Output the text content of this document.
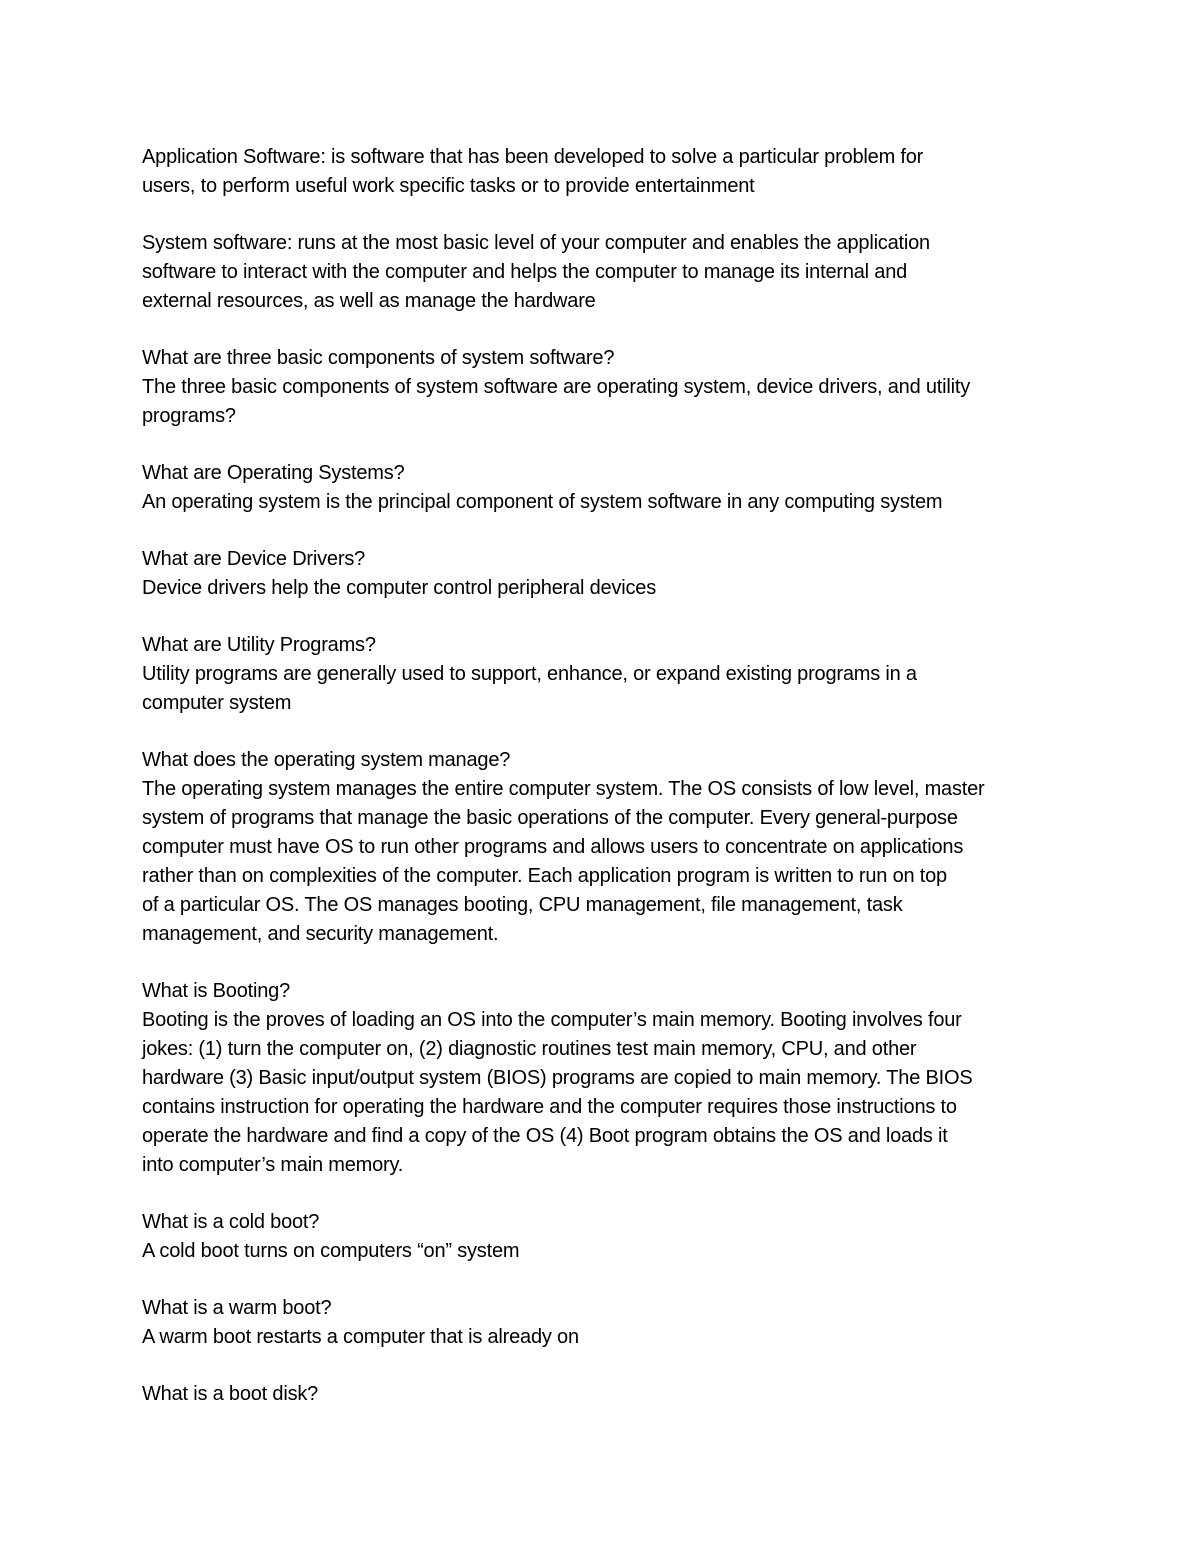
Application Software: is software that has been developed to solve a particular problem for
users, to perform useful work specific tasks or to provide entertainment
System software: runs at the most basic level of your computer and enables the application
software to interact with the computer and helps the computer to manage its internal and
external resources, as well as manage the hardware
What are three basic components of system software?
The three basic components of system software are operating system, device drivers, and utility
programs?
What are Operating Systems?
An operating system is the principal component of system software in any computing system
What are Device Drivers?
Device drivers help the computer control peripheral devices
What are Utility Programs?
Utility programs are generally used to support, enhance, or expand existing programs in a
computer system
What does the operating system manage?
The operating system manages the entire computer system. The OS consists of low level, master
system of programs that manage the basic operations of the computer. Every general-purpose
computer must have OS to run other programs and allows users to concentrate on applications
rather than on complexities of the computer. Each application program is written to run on top
of a particular OS. The OS manages booting, CPU management, file management, task
management, and security management.
What is Booting?
Booting is the proves of loading an OS into the computer’s main memory. Booting involves four
jokes: (1) turn the computer on, (2) diagnostic routines test main memory, CPU, and other
hardware (3) Basic input/output system (BIOS) programs are copied to main memory. The BIOS
contains instruction for operating the hardware and the computer requires those instructions to
operate the hardware and find a copy of the OS (4) Boot program obtains the OS and loads it
into computer’s main memory.
What is a cold boot?
A cold boot turns on computers “on” system
What is a warm boot?
A warm boot restarts a computer that is already on
What is a boot disk?
